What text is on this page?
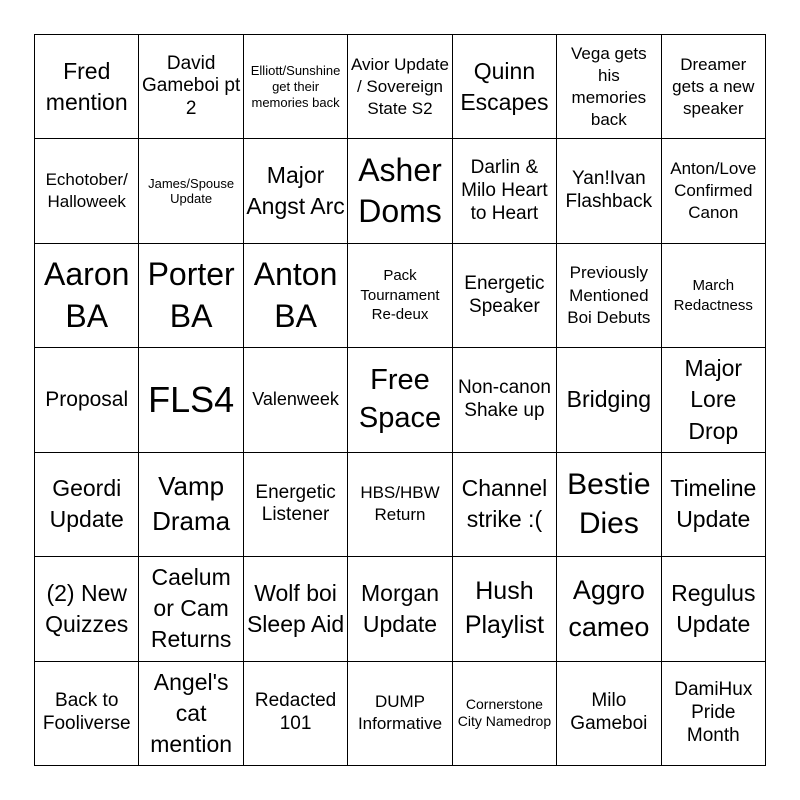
Fred mention
David Gameboi pt 2
Elliott/Sunshine get their memories back
Avior Update / Sovereign State S2
Quinn Escapes
Vega gets his memories back
Dreamer gets a new speaker
Echotober/ Halloweek
James/Spouse Update
Major Angst Arc
Asher Doms
Darlin & Milo Heart to Heart
Yan!Ivan Flashback
Anton/Love Confirmed Canon
Aaron BA
Porter BA
Anton BA
Pack Tournament Re-deux
Energetic Speaker
Previously Mentioned Boi Debuts
March Redactness
Proposal FLS4 Valenweek
Free Space
Non-canon Shake up Bridging
Major Lore Drop
Geordi Update
Vamp Drama
Energetic Listener
HBS/HBW Return
Channel strike :(
Bestie Dies
Timeline Update
(2) New Quizzes
Caelum or Cam Returns
Wolf boi Sleep Aid
Morgan Update
Hush Playlist
Aggro cameo
Regulus Update
Back to Fooliverse
Angel's cat mention
Redacted 101
DUMP Informative
Cornerstone City Namedrop
Milo Gameboi
DamiHux Pride Month
